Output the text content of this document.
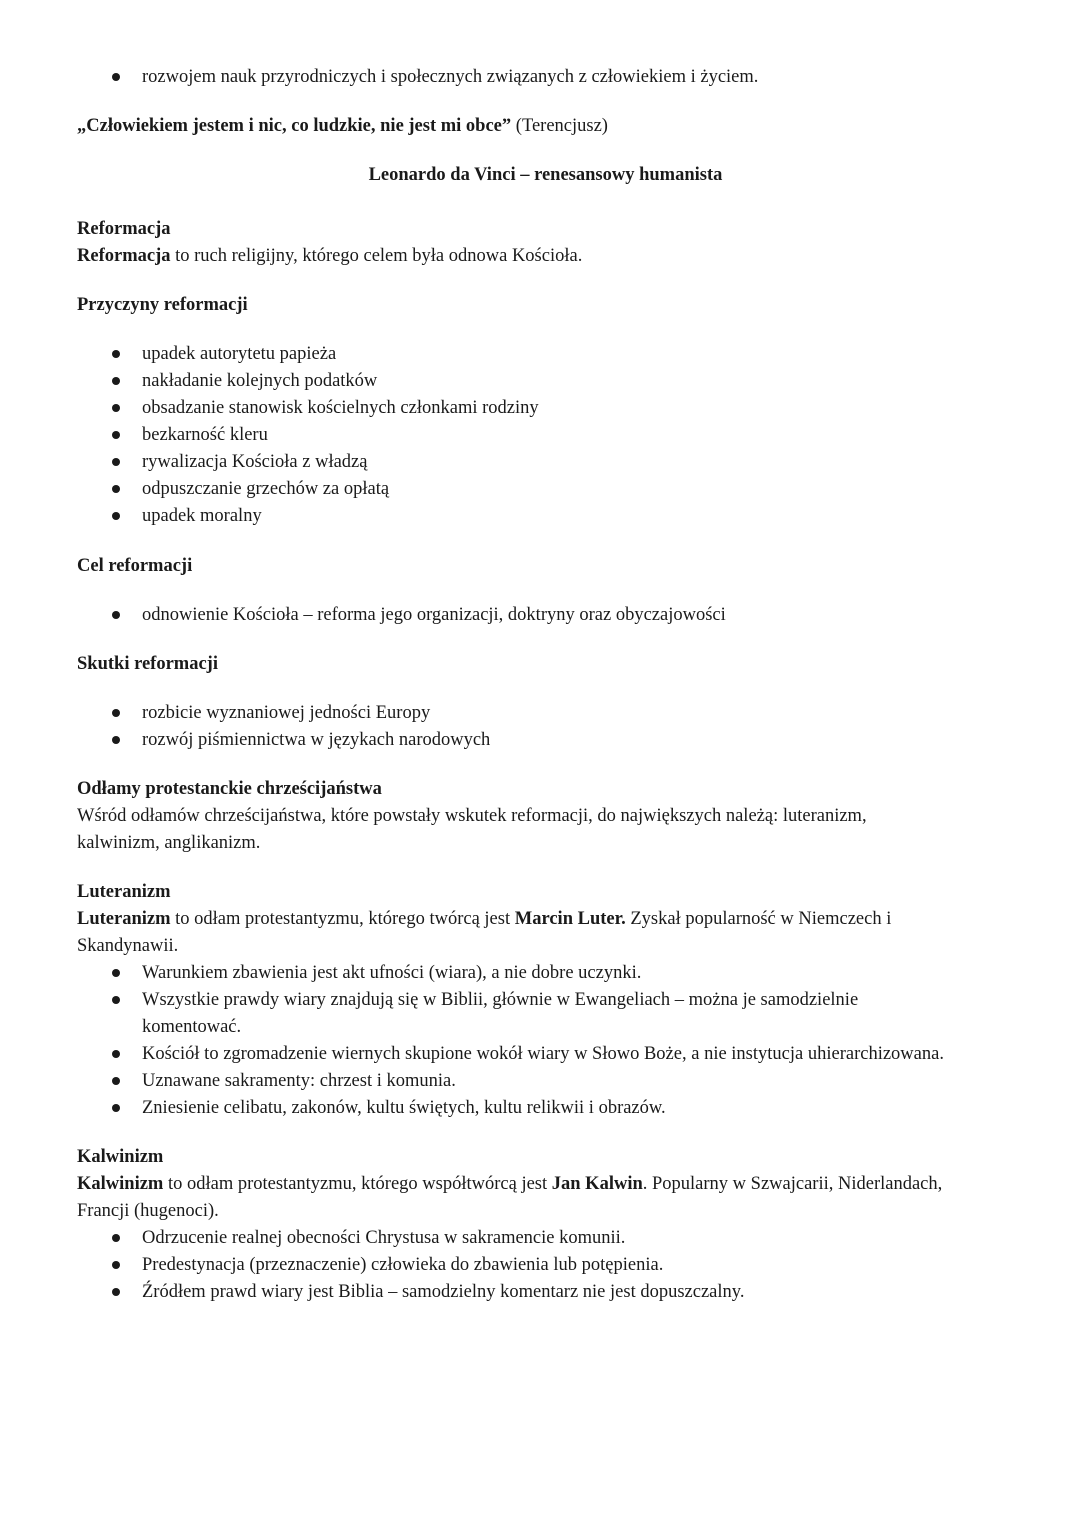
rozwojem nauk przyrodniczych i społecznych związanych z człowiekiem i życiem.
„Człowiekiem jestem i nic, co ludzkie, nie jest mi obce” (Terencjusz)
Leonardo da Vinci – renesansowy humanista
Reformacja
Reformacja to ruch religijny, którego celem była odnowa Kościoła.
Przyczyny reformacji
upadek autorytetu papieża
nakładanie kolejnych podatków
obsadzanie stanowisk kościelnych członkami rodziny
bezkarność kleru
rywalizacja Kościoła z władzą
odpuszczanie grzechów za opłatą
upadek moralny
Cel reformacji
odnowienie Kościoła – reforma jego organizacji, doktryny oraz obyczajowości
Skutki reformacji
rozbicie wyznaniowej jedności Europy
rozwój piśmiennictwa w językach narodowych
Odłamy protestanckie chrześcijaństwa
Wśród odłamów chrześcijaństwa, które powstały wskutek reformacji, do największych należą: luteranizm,
kalwinizm, anglikanizm.
Luteranizm
Luteranizm to odłam protestantyzmu, którego twórcą jest Marcin Luter. Zyskał popularność w Niemczech i
Skandynawii.
Warunkiem zbawienia jest akt ufności (wiara), a nie dobre uczynki.
Wszystkie prawdy wiary znajdują się w Biblii, głównie w Ewangeliach – można je samodzielnie
komentować.
Kościół to zgromadzenie wiernych skupione wokół wiary w Słowo Boże, a nie instytucja uhierarchizowana.
Uznawane sakramenty: chrzest i komunia.
Zniesienie celibatu, zakonów, kultu świętych, kultu relikwii i obrazów.
Kalwinizm
Kalwinizm to odłam protestantyzmu, którego współtwórcą jest Jan Kalwin. Popularny w Szwajcarii, Niderlandach,
Francji (hugenoci).
Odrzucenie realnej obecności Chrystusa w sakramencie komunii.
Predestynacja (przeznaczenie) człowieka do zbawienia lub potępienia.
Źródłem prawd wiary jest Biblia – samodzielny komentarz nie jest dopuszczalny.
